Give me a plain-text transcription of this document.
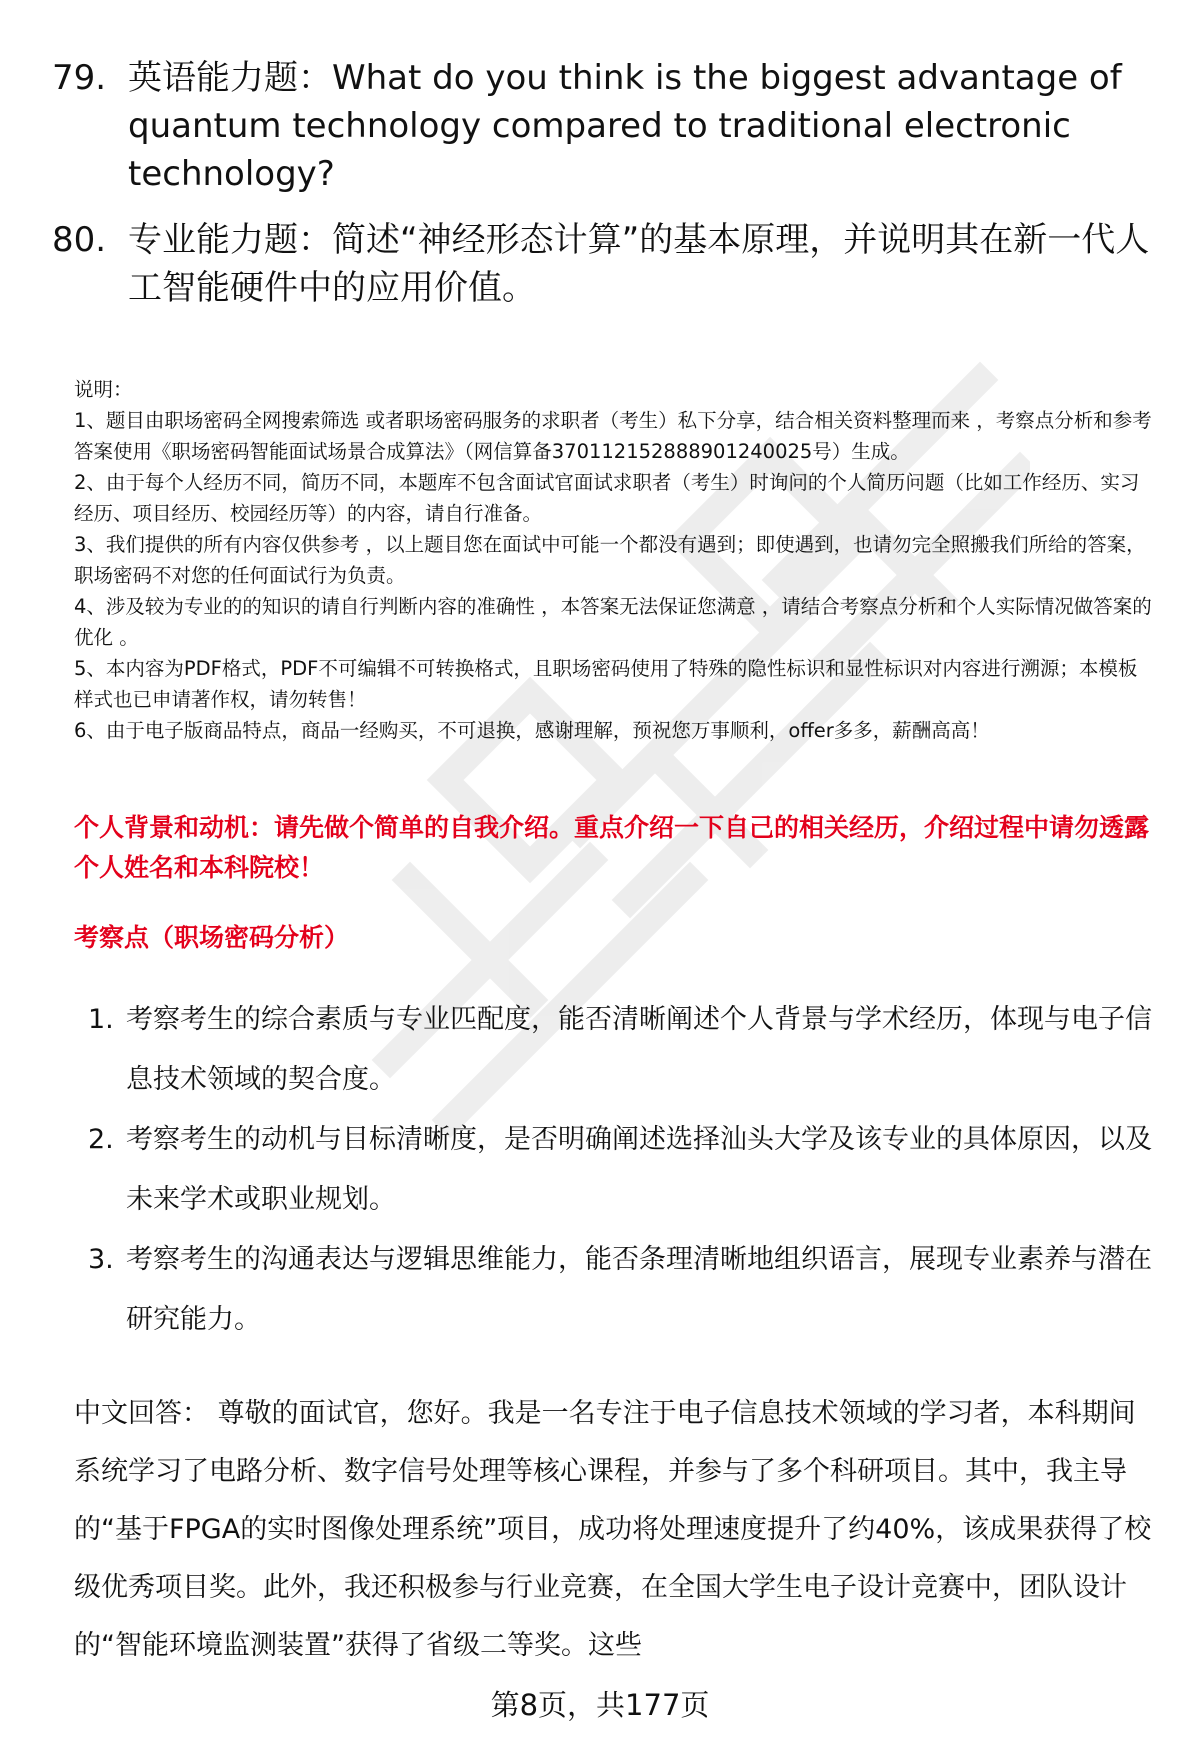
79. 英语能力题：What do you think is the biggest advantage of quantum technology compared to traditional electronic technology?
80. 专业能力题：简述“神经形态计算”的基本原理，并说明其在新一代人工智能硬件中的应用价值。

说明：

1、题目由职场密码全网搜索筛选 或者职场密码服务的求职者（考生）私下分享，结合相关资料整理而来 ，考察点分析和参考答案使用《职场密码智能面试场景合成算法》（网信算备370112152888901240025号）生成。

2、由于每个人经历不同，简历不同，本题库不包含面试官面试求职者（考生）时询问的个人简历问题（比如工作经历、实习经历、项目经历、校园经历等）的内容，请自行准备。

3、我们提供的所有内容仅供参考 ，以上题目您在面试中可能一个都没有遇到；即使遇到，也请勿完全照搬我们所给的答案，职场密码不对您的任何面试行为负责。

4、涉及较为专业的的知识的请自行判断内容的准确性 ，本答案无法保证您满意 ，请结合考察点分析和个人实际情况做答案的优化 。

5、本内容为PDF格式，PDF不可编辑不可转换格式，且职场密码使用了特殊的隐性标识和显性标识对内容进行溯源；本模板样式也已申请著作权，请勿转售！

6、由于电子版商品特点，商品一经购买，不可退换，感谢理解，预祝您万事顺利，offer多多，薪酬高高！

个人背景和动机：请先做个简单的自我介绍。重点介绍一下自己的相关经历，介绍过程中请勿透露个人姓名和本科院校！
考察点（职场密码分析）
1. 考察考生的综合素质与专业匹配度，能否清晰阐述个人背景与学术经历，体现与电子信息技术领域的契合度。
2. 考察考生的动机与目标清晰度，是否明确阐述选择汕头大学及该专业的具体原因，以及未来学术或职业规划。
3. 考察考生的沟通表达与逻辑思维能力，能否条理清晰地组织语言，展现专业素养与潜在研究能力。
中文回答： 尊敬的面试官，您好。我是一名专注于电子信息技术领域的学习者，本科期间系统学习了电路分析、数字信号处理等核心课程，并参与了多个科研项目。其中，我主导的“基于FPGA的实时图像处理系统”项目，成功将处理速度提升了约40%，该成果获得了校级优秀项目奖。此外，我还积极参与行业竞赛，在全国大学生电子设计竞赛中，团队设计的“智能环境监测装置”获得了省级二等奖。这些
第8页，共177页
